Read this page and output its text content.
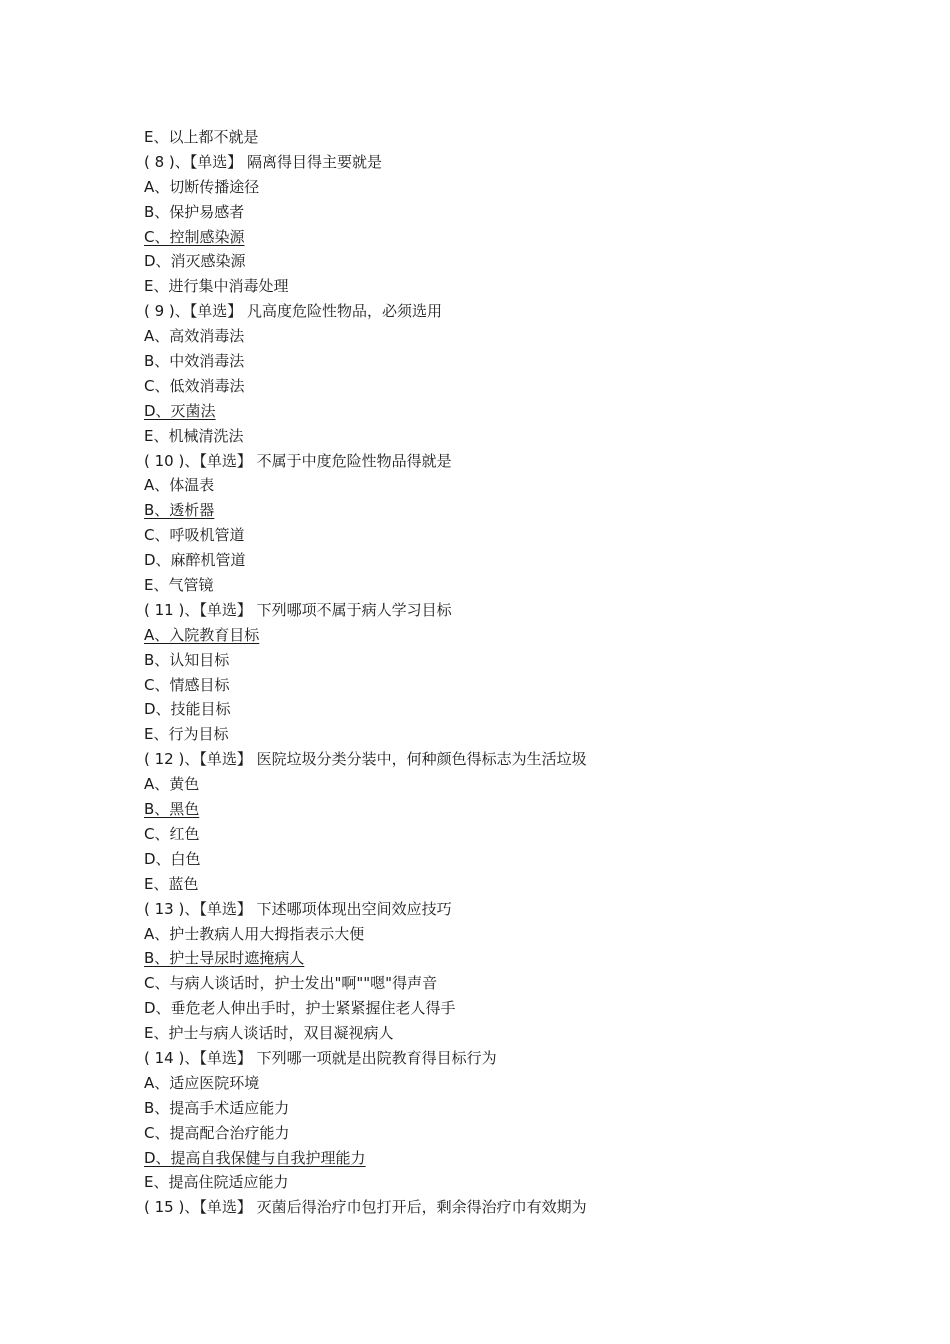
E、以上都不就是
( 8 )、【单选】 隔离得目得主要就是
A、切断传播途径
B、保护易感者
C、控制感染源
D、消灭感染源
E、进行集中消毒处理
( 9 )、【单选】 凡高度危险性物品，必须选用
A、高效消毒法
B、中效消毒法
C、低效消毒法
D、灭菌法
E、机械清洗法
( 10 )、【单选】 不属于中度危险性物品得就是
A、体温表
B、透析器
C、呼吸机管道
D、麻醉机管道
E、气管镜
( 11 )、【单选】 下列哪项不属于病人学习目标
A、入院教育目标
B、认知目标
C、情感目标
D、技能目标
E、行为目标
( 12 )、【单选】 医院垃圾分类分装中，何种颜色得标志为生活垃圾
A、黄色
B、黑色
C、红色
D、白色
E、蓝色
( 13 )、【单选】 下述哪项体现出空间效应技巧
A、护士教病人用大拇指表示大便
B、护士导尿时遮掩病人
C、与病人谈话时，护士发出"啊""嗯"得声音
D、垂危老人伸出手时，护士紧紧握住老人得手
E、护士与病人谈话时，双目凝视病人
( 14 )、【单选】 下列哪一项就是出院教育得目标行为
A、适应医院环境
B、提高手术适应能力
C、提高配合治疗能力
D、提高自我保健与自我护理能力
E、提高住院适应能力
( 15 )、【单选】 灭菌后得治疗巾包打开后，剩余得治疗巾有效期为
